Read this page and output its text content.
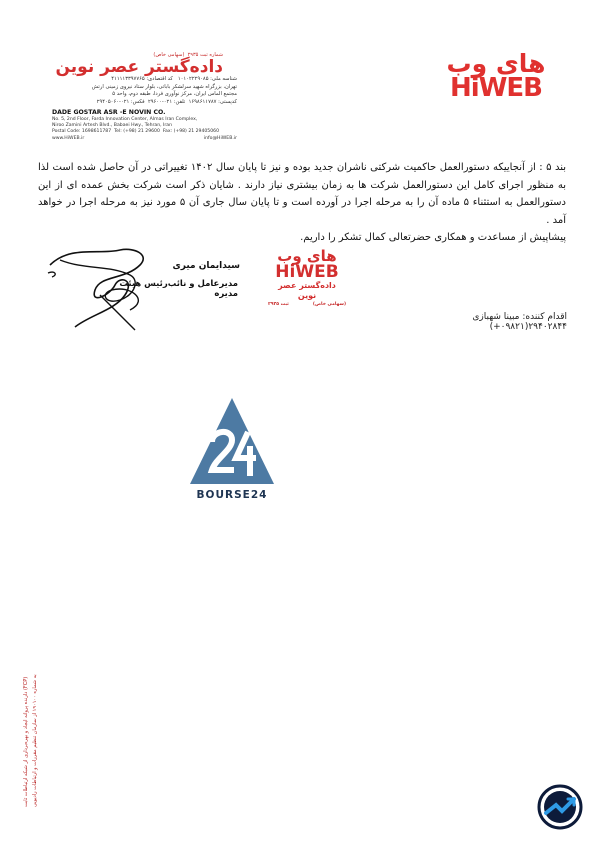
شماره ثبت ۲۹۳۵  (سهامی خاص)
داده‌گستر عصر نوین
شناسه ملی: ۱۰۱۰۲۲۲۹۰۸۵   کد اقتصادی: ۴۱۱۱۱۳۳۹۷۷۶۵
تهران، بزرگراه شهید سرلشکر باباتی، بلوار ستاد نیروی زمینی ارتش
مجتمع الماس ایران، مرکز نوآوری فردا، طبقه دوم، واحد ۵
کدپستی: ۱۶۹۸۶۱۱۷۸۷  تلفن: ۰۲۱-۲۹۶۰۰  فکس: ۰۲۱-۲۹۴۰۵۰۶۰
DADE GOSTAR ASR -E NOVIN CO.
No. 5, 2nd Floor, Farda Innovation Center, Almas Iran Complex,
Niroo Zamini Artesh Blvd., Babaei Hwy., Tehran, Iran
Postal Code: 1698611787 Tel: (+98) 21 29600 Fax: (+98) 21 29405060
www.HiWEB.ir	info@HiWEB.ir
های وب
HiWEB

بند ۵ : از آنجاییکه دستورالعمل حاکمیت شرکتی ناشران جدید بوده و نیز تا پایان سال ۱۴۰۲ تغییراتی در آن حاصل شده است لذا به منظور اجرای کامل این دستورالعمل شرکت ها به زمان بیشتری نیاز دارند . شایان ذکر است شرکت بخش عمده ای از این دستورالعمل به استثناء ۵ ماده آن را به مرحله اجرا در آورده است و تا پایان سال جاری آن ۵ مورد نیز به مرحله اجرا در خواهد آمد .

پیشاپیش از مساعدت و همکاری حضرتعالی کمال تشکر را داریم.

سیدایمان میری
مدیرعامل و نائب‌رئیس هیئت مدیره
های وب
HiWEB
داده‌گستر عصر نوین
(سهامی خاص)
ثبت ۲۹۳۵
اقدام کننده: مبینا شهبازی ۲۹۴۰۲۸۴۴(۰۹۸۲۱+)
BOURSE24
دارنده پروانه ایجاد و بهره‌برداری از شبکه ارتباطات ثابت (FCP)
به شماره ۱۹۰۱۰۰ از سازمان تنظیم مقررات و ارتباطات رادیویی
